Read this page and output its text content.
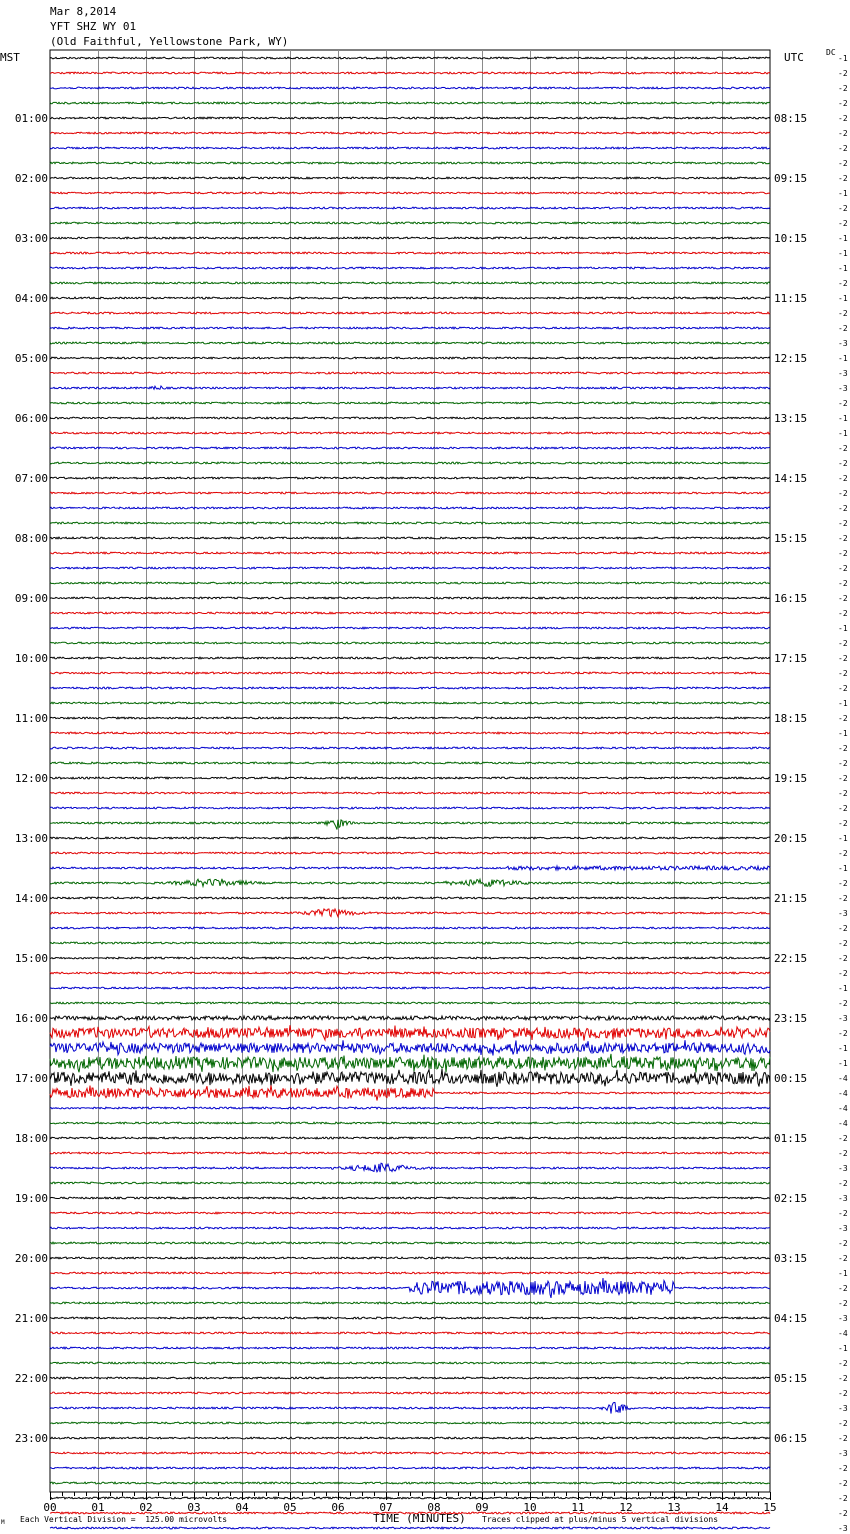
Mar 8,2014
YFT SHZ WY 01
(Old Faithful, Yellowstone Park, WY)
MST	UTC	DC
TIME (MINUTES)
Each Vertical Division =  125.00 microvolts	Traces clipped at plus/minus 5 vertical divisions
M
-1
-2
-2
-2
-2
-2
-2
-2
-2
-1
-2
-2
-1
-1
-1
-2
-1
-2
-2
-3
-1
-3
-3
-2
-1
-1
-2
-2
-2
-2
-2
-2
-2
-2
-2
-2
-2
-2
-1
-2
-2
-2
-2
-1
-2
-1
-2
-2
-2
-2
-2
-2
-1
-2
-1
-2
-2
-3
-2
-2
-2
-2
-1
-2
-3
-2
-1
-1
-4
-4
-4
-4
-2
-2
-3
-2
-3
-2
-3
-2
-2
-1
-2
-2
-3
-4
-1
-2
-2
-2
-3
-2
-2
-3
-2
-2
-2
-2
-3
01:00
02:00
03:00
04:00
05:00
06:00
07:00
08:00
09:00
10:00
11:00
12:00
13:00
14:00
15:00
16:00
17:00
18:00
19:00
20:00
21:00
22:00
23:00
08:15
09:15
10:15
11:15
12:15
13:15
14:15
15:15
16:15
17:15
18:15
19:15
20:15
21:15
22:15
23:15
00:15
01:15
02:15
03:15
04:15
05:15
06:15
00	01	02	03	04	05	06	07	08	09	10	11	12	13	14	15
